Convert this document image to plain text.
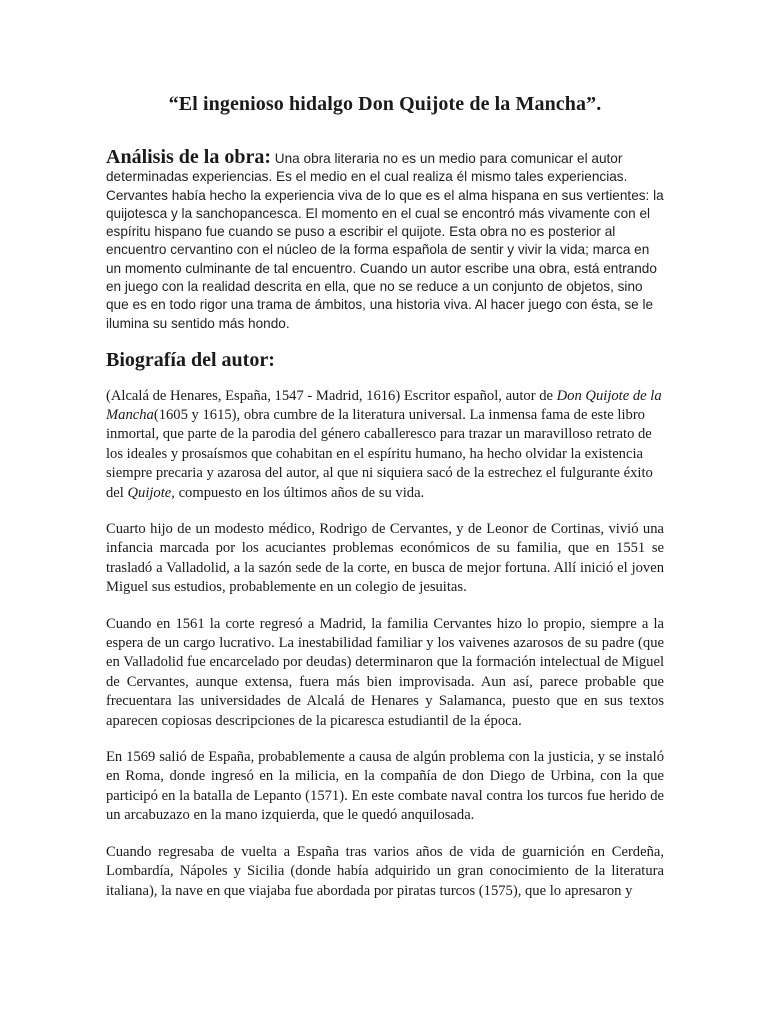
“El ingenioso hidalgo Don Quijote de la Mancha”.

Análisis de la obra: Una obra literaria no es un medio para comunicar el autor determinadas experiencias. Es el medio en el cual realiza él mismo tales experiencias. Cervantes había hecho la experiencia viva de lo que es el alma hispana en sus vertientes: la quijotesca y la sanchopancesca. El momento en el cual se encontró más vivamente con el espíritu hispano fue cuando se puso a escribir el quijote. Esta obra no es posterior al encuentro cervantino con el núcleo de la forma española de sentir y vivir la vida; marca en un momento culminante de tal encuentro. Cuando un autor escribe una obra, está entrando en juego con la realidad descrita en ella, que no se reduce a un conjunto de objetos, sino que es en todo rigor una trama de ámbitos, una historia viva. Al hacer juego con ésta, se le ilumina su sentido más hondo.

Biografía del autor:

(Alcalá de Henares, España, 1547 - Madrid, 1616) Escritor español, autor de Don Quijote de la Mancha(1605 y 1615), obra cumbre de la literatura universal. La inmensa fama de este libro inmortal, que parte de la parodia del género caballeresco para trazar un maravilloso retrato de los ideales y prosaísmos que cohabitan en el espíritu humano, ha hecho olvidar la existencia siempre precaria y azarosa del autor, al que ni siquiera sacó de la estrechez el fulgurante éxito del Quijote, compuesto en los últimos años de su vida.

Cuarto hijo de un modesto médico, Rodrigo de Cervantes, y de Leonor de Cortinas, vivió una infancia marcada por los acuciantes problemas económicos de su familia, que en 1551 se trasladó a Valladolid, a la sazón sede de la corte, en busca de mejor fortuna. Allí inició el joven Miguel sus estudios, probablemente en un colegio de jesuitas.

Cuando en 1561 la corte regresó a Madrid, la familia Cervantes hizo lo propio, siempre a la espera de un cargo lucrativo. La inestabilidad familiar y los vaivenes azarosos de su padre (que en Valladolid fue encarcelado por deudas) determinaron que la formación intelectual de Miguel de Cervantes, aunque extensa, fuera más bien improvisada. Aun así, parece probable que frecuentara las universidades de Alcalá de Henares y Salamanca, puesto que en sus textos aparecen copiosas descripciones de la picaresca estudiantil de la época.

En 1569 salió de España, probablemente a causa de algún problema con la justicia, y se instaló en Roma, donde ingresó en la milicia, en la compañía de don Diego de Urbina, con la que participó en la batalla de Lepanto (1571). En este combate naval contra los turcos fue herido de un arcabuzazo en la mano izquierda, que le quedó anquilosada.

Cuando regresaba de vuelta a España tras varios años de vida de guarnición en Cerdeña, Lombardía, Nápoles y Sicilia (donde había adquirido un gran conocimiento de la literatura italiana), la nave en que viajaba fue abordada por piratas turcos (1575), que lo apresaron y
